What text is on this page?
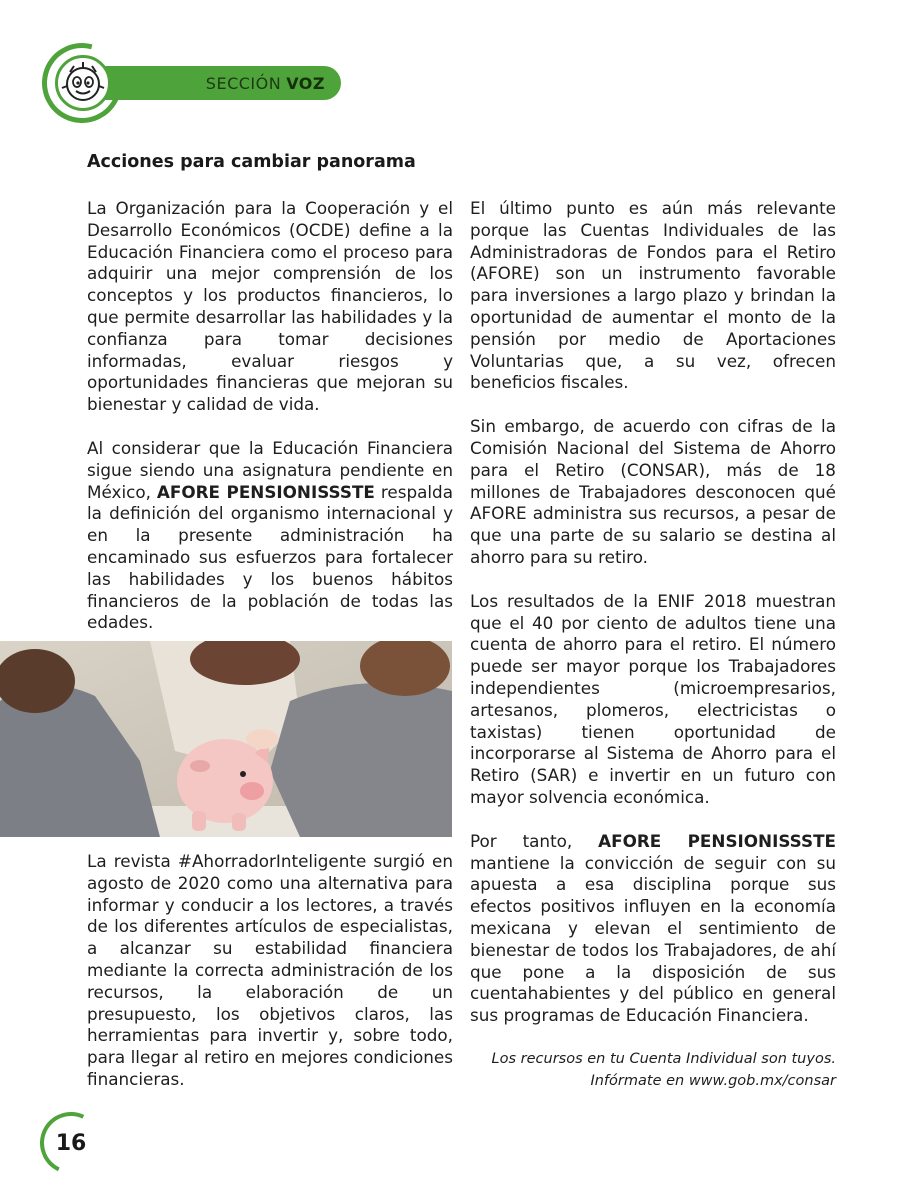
SECCIÓN VOZ
Acciones para cambiar panorama

La Organización para la Cooperación y el Desarrollo Económicos (OCDE) define a la Educación Financiera como el proceso para adquirir una mejor comprensión de los conceptos y los productos financieros, lo que permite desarrollar las habilidades y la confianza para tomar decisiones informadas, evaluar riesgos y oportunidades financieras que mejoran su bienestar y calidad de vida.

Al considerar que la Educación Financiera sigue siendo una asignatura pendiente en México, AFORE PENSIONISSSTE respalda la definición del organismo internacional y en la presente administración ha encaminado sus esfuerzos para fortalecer las habilidades y los buenos hábitos financieros de la población de todas las edades.

La revista #AhorradorInteligente surgió en agosto de 2020 como una alternativa para informar y conducir a los lectores, a través de los diferentes artículos de especialistas, a alcanzar su estabilidad financiera mediante la correcta administración de los recursos, la elaboración de un presupuesto, los objetivos claros, las herramientas para invertir y, sobre todo, para llegar al retiro en mejores condiciones financieras.

El último punto es aún más relevante porque las Cuentas Individuales de las Administradoras de Fondos para el Retiro (AFORE) son un instrumento favorable para inversiones a largo plazo y brindan la oportunidad de aumentar el monto de la pensión por medio de Aportaciones Voluntarias que, a su vez, ofrecen beneficios fiscales.

Sin embargo, de acuerdo con cifras de la Comisión Nacional del Sistema de Ahorro para el Retiro (CONSAR), más de 18 millones de Trabajadores desconocen qué AFORE administra sus recursos, a pesar de que una parte de su salario se destina al ahorro para su retiro.

Los resultados de la ENIF 2018 muestran que el 40 por ciento de adultos tiene una cuenta de ahorro para el retiro. El número puede ser mayor porque los Trabajadores independientes (microempresarios, artesanos, plomeros, electricistas o taxistas) tienen oportunidad de incorporarse al Sistema de Ahorro para el Retiro (SAR) e invertir en un futuro con mayor solvencia económica.

Por tanto, AFORE PENSIONISSSTE mantiene la convicción de seguir con su apuesta a esa disciplina porque sus efectos positivos influyen en la economía mexicana y elevan el sentimiento de bienestar de todos los Trabajadores, de ahí que pone a la disposición de sus cuentahabientes y del público en general sus programas de Educación Financiera.

Los recursos en tu Cuenta Individual son tuyos.
Infórmate en www.gob.mx/consar
16
